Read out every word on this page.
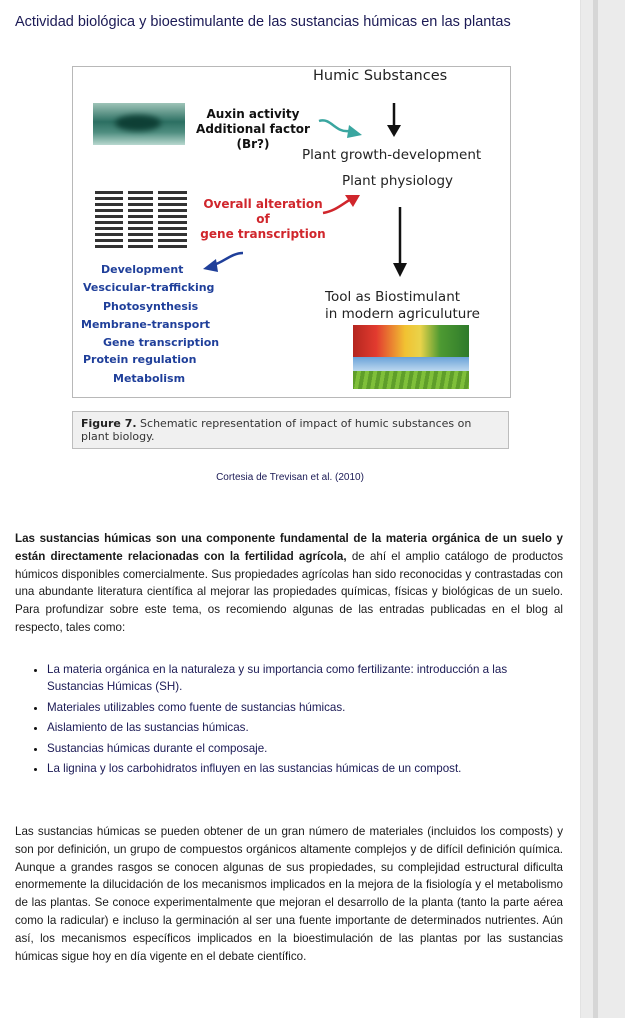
Actividad biológica y bioestimulante de las sustancias húmicas en las plantas
Humic Substances
Auxin activity
Additional factor
(Br?)
Plant growth-development
Plant physiology
Overall alteration
of
gene transcription
Development
Vescicular-trafficking
Photosynthesis
Membrane-transport
Gene transcription
Protein regulation
Metabolism
Tool as Biostimulant
in modern agriculuture
Figure 7. Schematic representation of impact of humic substances on plant biology.
Cortesia de Trevisan et al. (2010)

Las sustancias húmicas son una componente fundamental de la materia orgánica de un suelo y están directamente relacionadas con la fertilidad agrícola, de ahí el amplio catálogo de productos húmicos disponibles comercialmente. Sus propiedades agrícolas han sido reconocidas y contrastadas con una abundante literatura científica al mejorar las propiedades químicas, físicas y biológicas de un suelo. Para profundizar sobre este tema, os recomiendo algunas de las entradas publicadas en el blog al respecto, tales como:

• La materia orgánica en la naturaleza y su importancia como fertilizante: introducción a las Sustancias Húmicas (SH).
• Materiales utilizables como fuente de sustancias húmicas.
• Aislamiento de las sustancias húmicas.
• Sustancias húmicas durante el composaje.
• La lignina y los carbohidratos influyen en las sustancias húmicas de un compost.

Las sustancias húmicas se pueden obtener de un gran número de materiales (incluidos los composts) y son por definición, un grupo de compuestos orgánicos altamente complejos y de difícil definición química. Aunque a grandes rasgos se conocen algunas de sus propiedades, su complejidad estructural dificulta enormemente la dilucidación de los mecanismos implicados en la mejora de la fisiología y el metabolismo de las plantas. Se conoce experimentalmente que mejoran el desarrollo de la planta (tanto la parte aérea como la radicular) e incluso la germinación al ser una fuente importante de determinados nutrientes. Aún así, los mecanismos específicos implicados en la bioestimulación de las plantas por las sustancias húmicas sigue hoy en día vigente en el debate científico.
